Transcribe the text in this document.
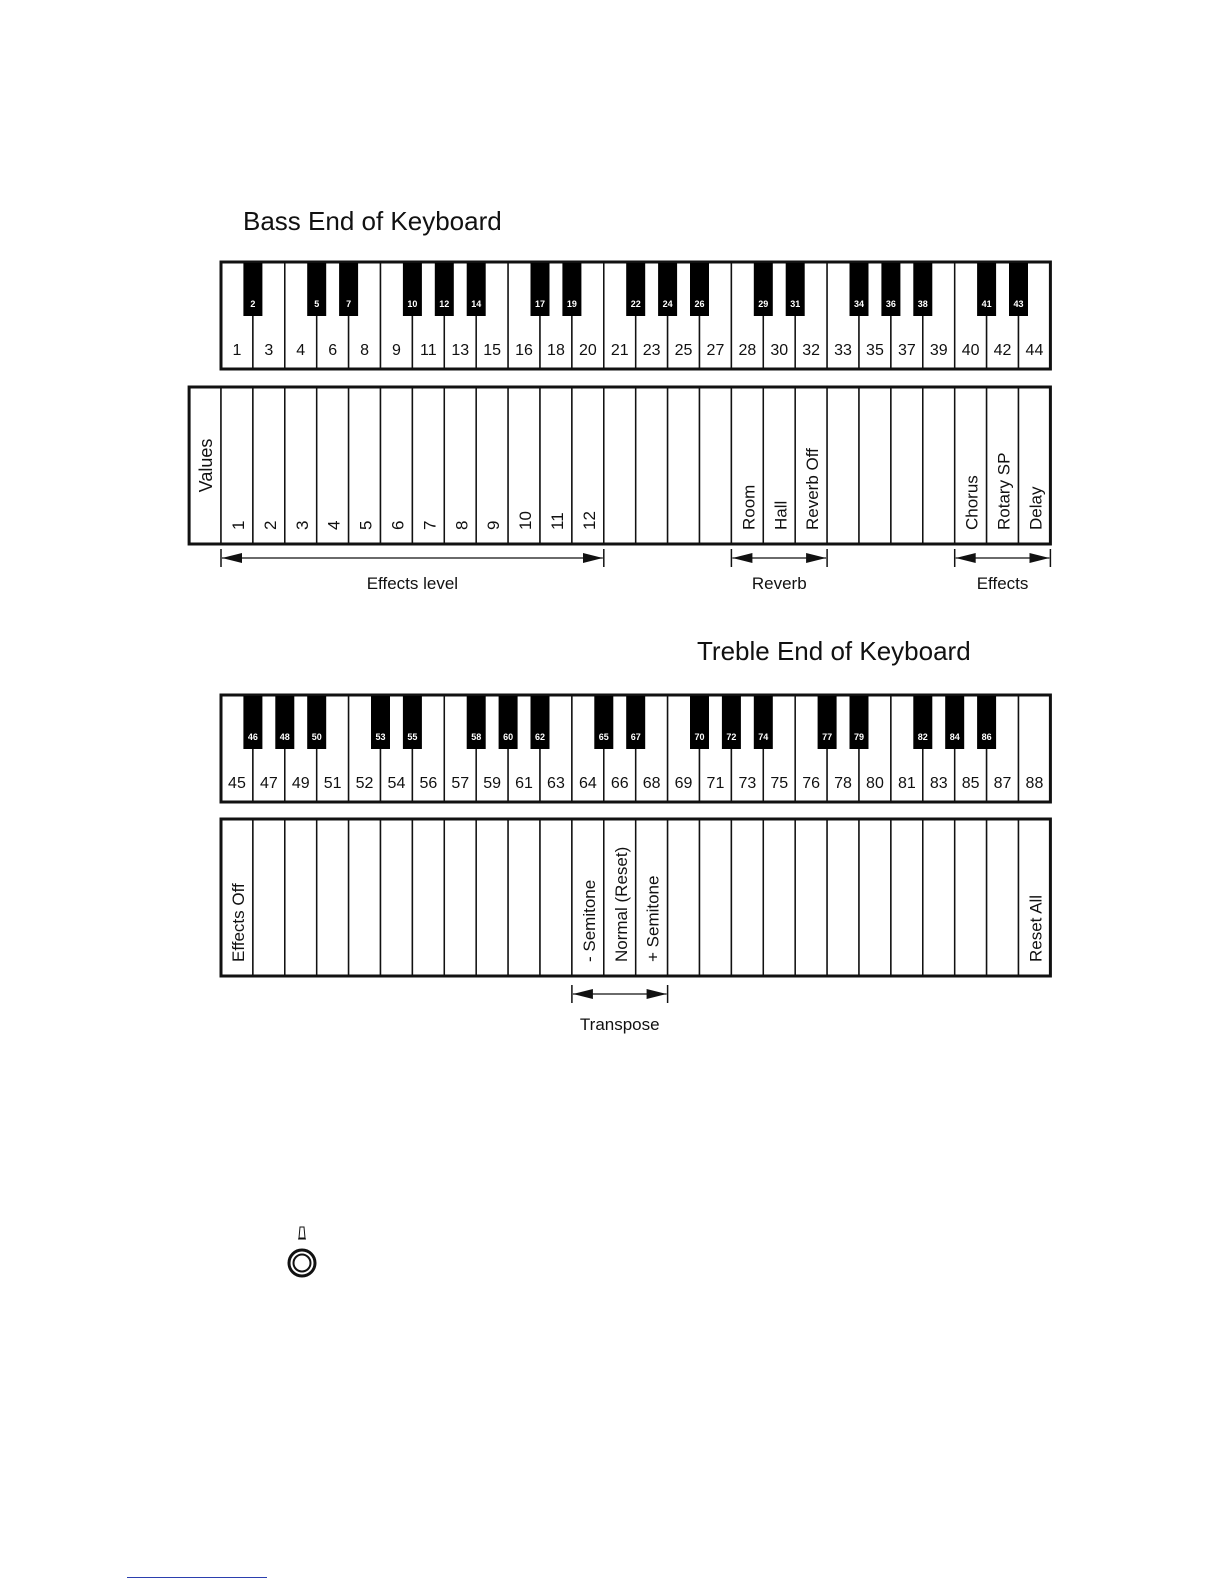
Bass End of Keyboard
1 3 4 6 8 9 11 13 15 16 18 20 21 23 25 27 28 30 32 33 35 37 39 40 42 44
2	5	7	10 12 14	17 19	22 24 26	29 31	34 36 38	41 43
Values
1 2 3 4 5 6 7 8 9 10 11 12	Room Hall Reverb Off	Chorus Rotary SP Delay
Effects level	Reverb	Effects
Treble End of Keyboard
45 47 49 51 52 54 56 57 59 61 63 64 66 68 69 71 73 75 76 78 80 81 83 85 87 88
46 48 50	53 55	58 60 62	65 67	70 72 74	77 79	82 84 86
Effects Off	- Semitone Normal (Reset) + Semitone	Reset All
Transpose
